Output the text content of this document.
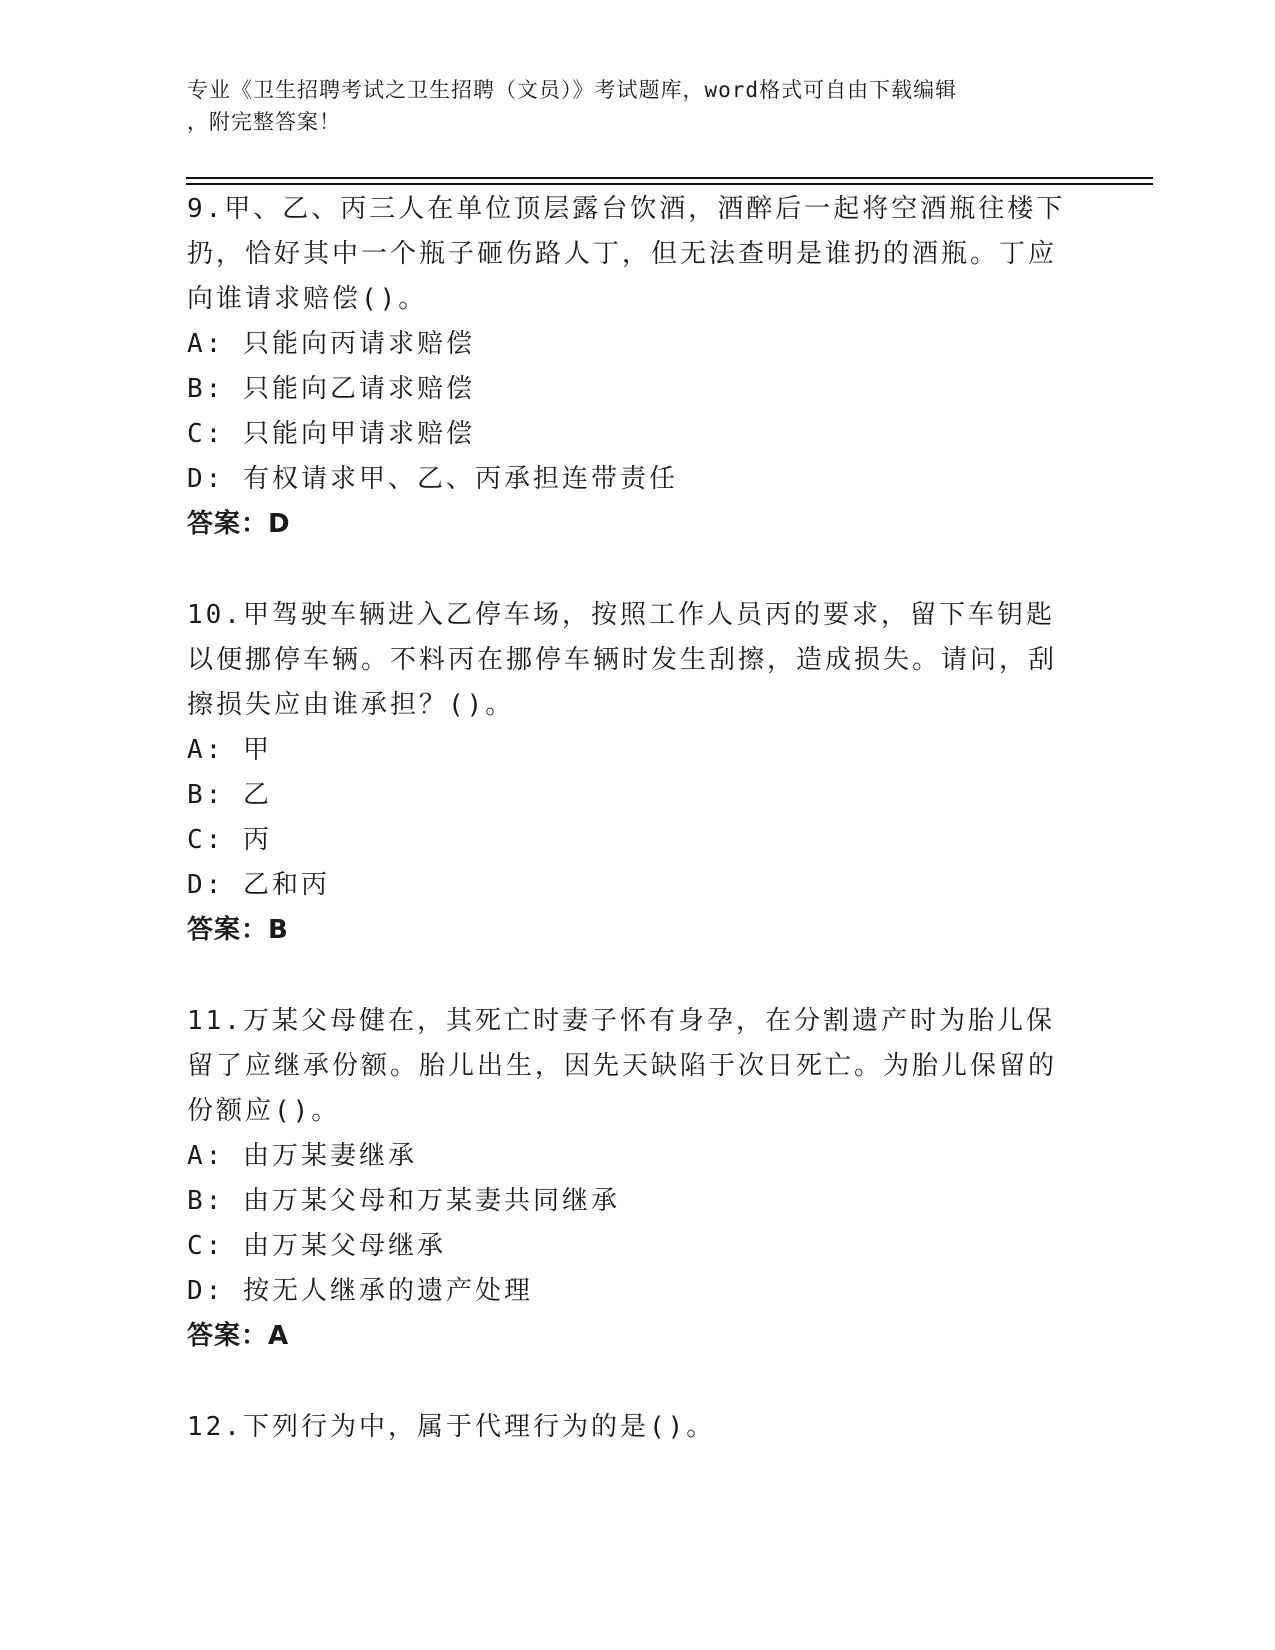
专业《卫生招聘考试之卫生招聘（文员）》考试题库，word格式可自由下载编辑
，附完整答案！

9.甲、乙、丙三人在单位顶层露台饮酒，酒醉后一起将空酒瓶往楼下扔，恰好其中一个瓶子砸伤路人丁，但无法查明是谁扔的酒瓶。丁应向谁请求赔偿()。

A: 只能向丙请求赔偿

B: 只能向乙请求赔偿

C: 只能向甲请求赔偿

D: 有权请求甲、乙、丙承担连带责任

答案：D

10.甲驾驶车辆进入乙停车场，按照工作人员丙的要求，留下车钥匙以便挪停车辆。不料丙在挪停车辆时发生刮擦，造成损失。请问，刮擦损失应由谁承担？()。

A: 甲

B: 乙

C: 丙

D: 乙和丙

答案：B

11.万某父母健在，其死亡时妻子怀有身孕，在分割遗产时为胎儿保留了应继承份额。胎儿出生，因先天缺陷于次日死亡。为胎儿保留的份额应()。

A: 由万某妻继承

B: 由万某父母和万某妻共同继承

C: 由万某父母继承

D: 按无人继承的遗产处理

答案：A

12.下列行为中，属于代理行为的是()。
